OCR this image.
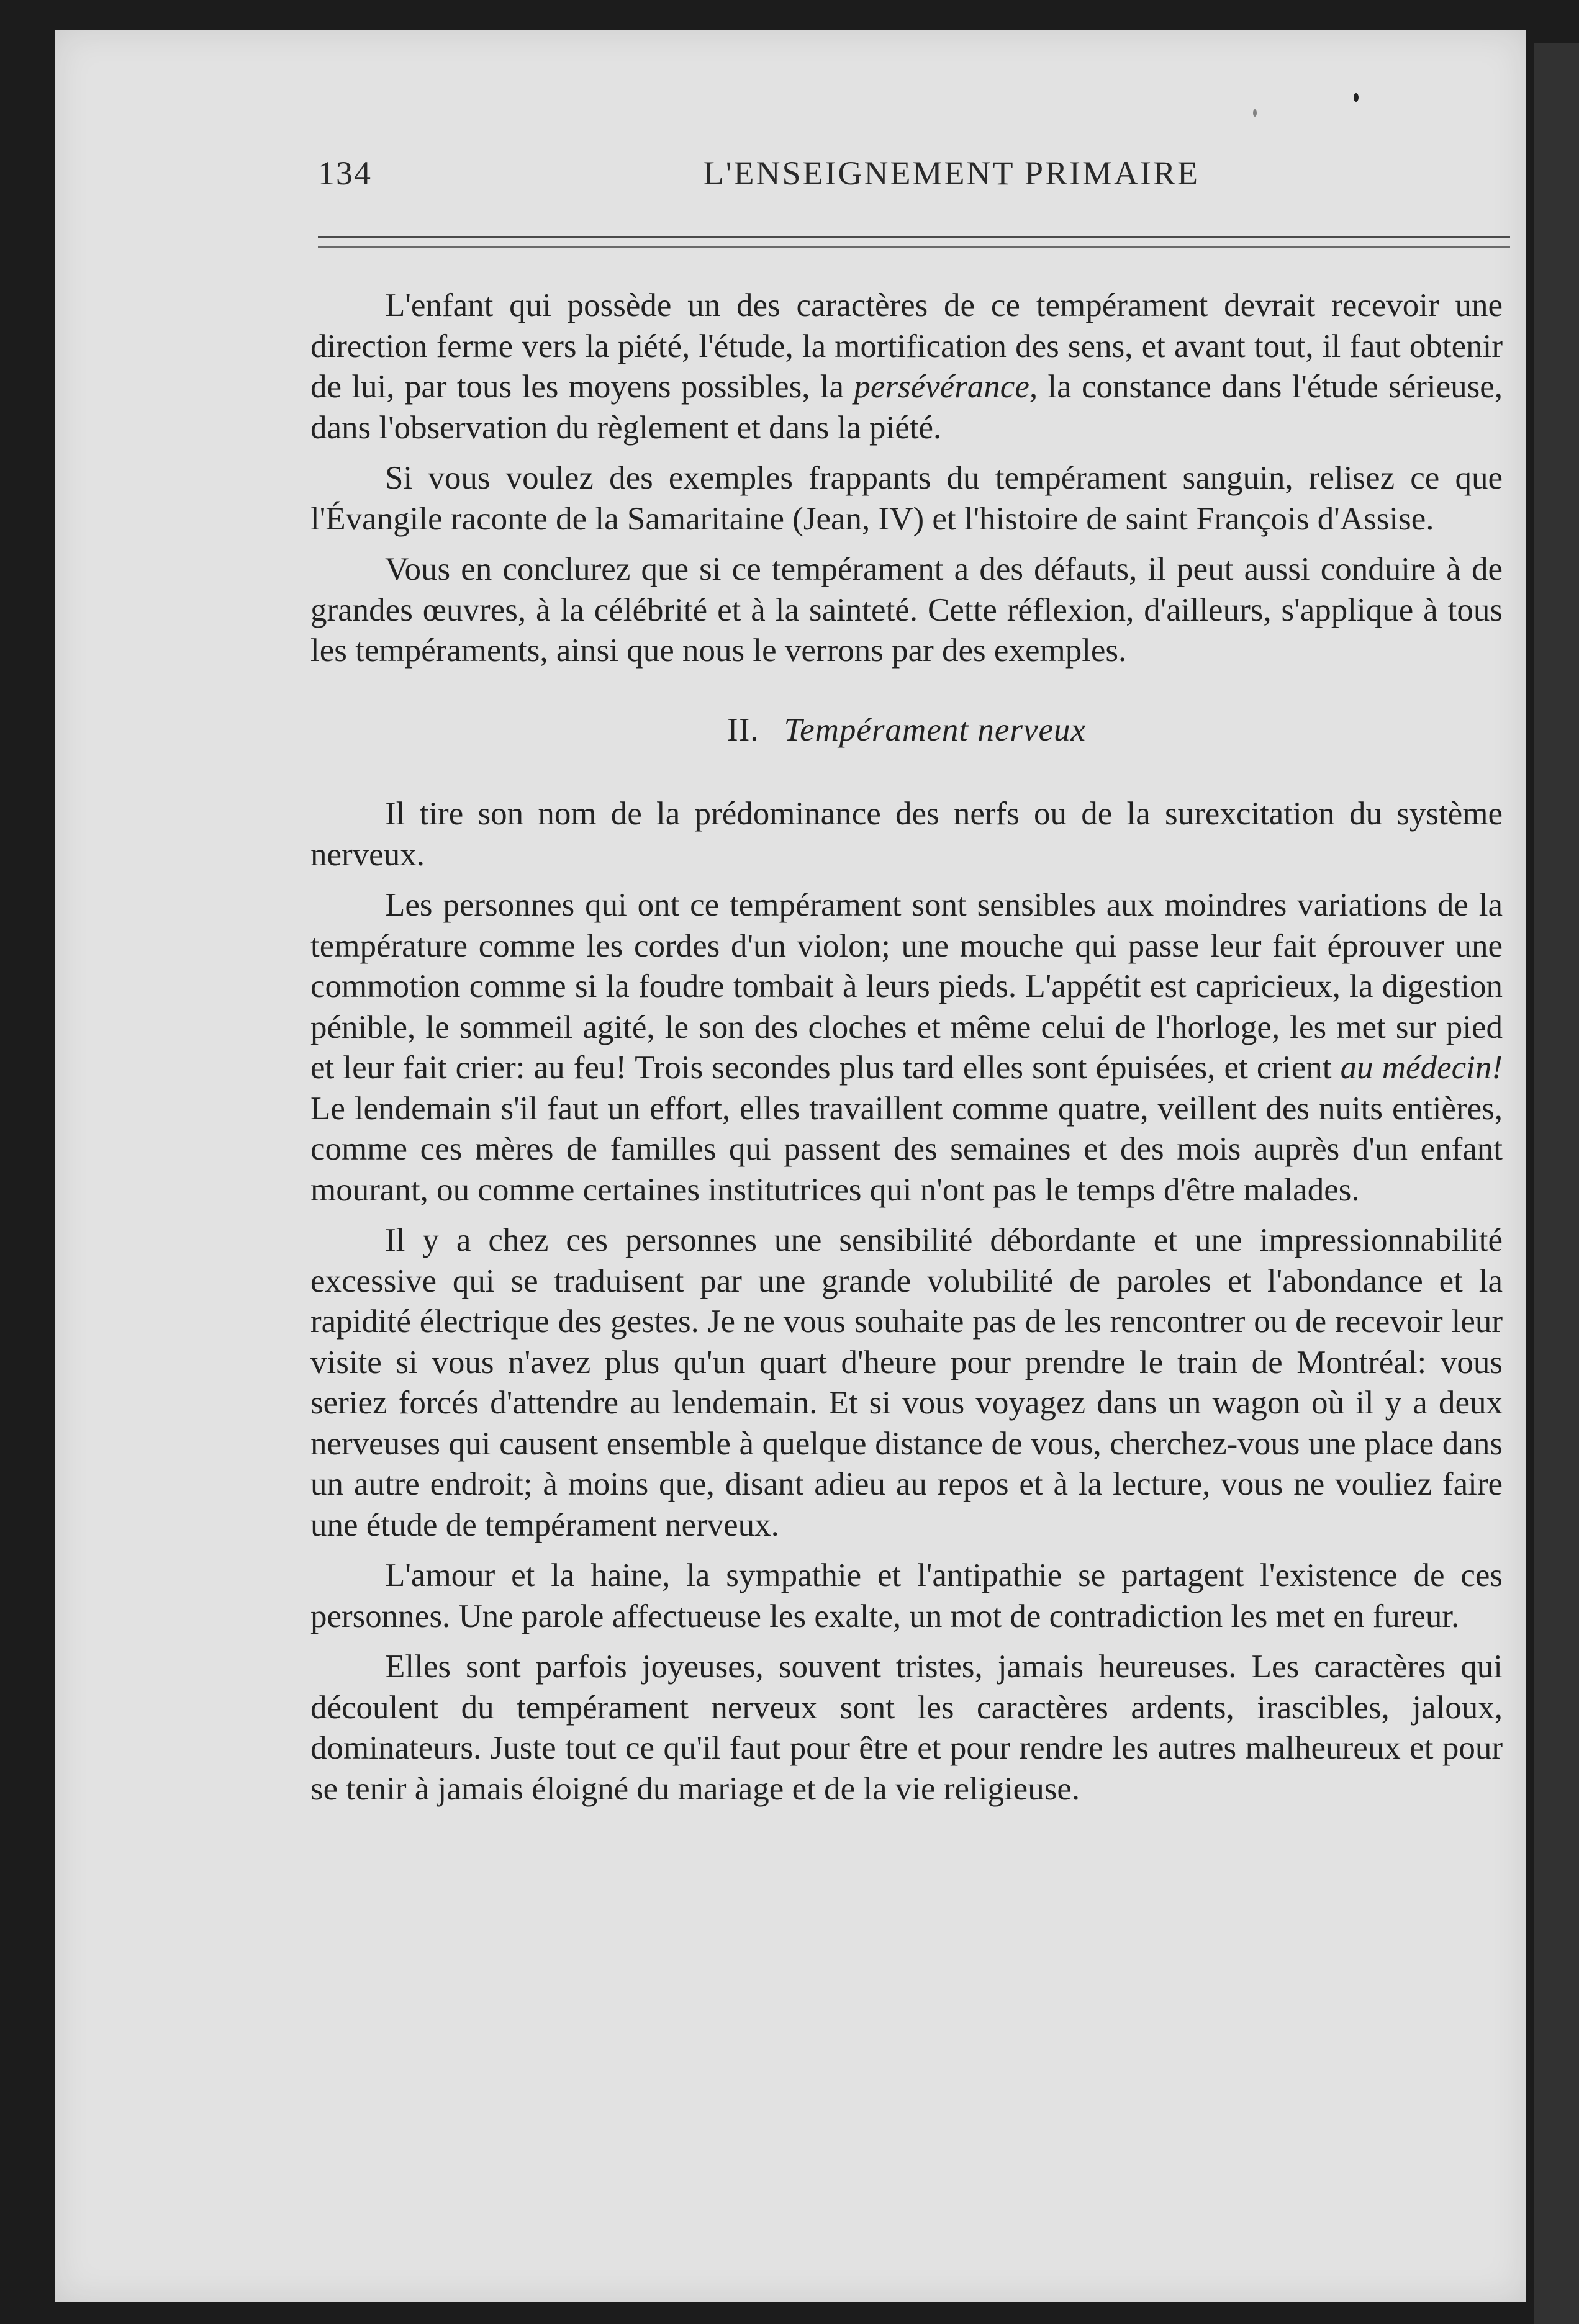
134	L'ENSEIGNEMENT PRIMAIRE

L'enfant qui possède un des caractères de ce tempérament devrait recevoir une direction ferme vers la piété, l'étude, la mortification des sens, et avant tout, il faut obtenir de lui, par tous les moyens possibles, la persévérance, la constance dans l'étude sérieuse, dans l'observation du règlement et dans la piété.

Si vous voulez des exemples frappants du tempérament sanguin, relisez ce que l'Évangile raconte de la Samaritaine (Jean, IV) et l'histoire de saint François d'Assise.

Vous en conclurez que si ce tempérament a des défauts, il peut aussi conduire à de grandes œuvres, à la célébrité et à la sainteté. Cette réflexion, d'ailleurs, s'applique à tous les tempéraments, ainsi que nous le verrons par des exemples.

II. Tempérament nerveux

Il tire son nom de la prédominance des nerfs ou de la surexcitation du système nerveux.

Les personnes qui ont ce tempérament sont sensibles aux moindres variations de la température comme les cordes d'un violon; une mouche qui passe leur fait éprouver une commotion comme si la foudre tombait à leurs pieds. L'appétit est capricieux, la digestion pénible, le sommeil agité, le son des cloches et même celui de l'horloge, les met sur pied et leur fait crier: au feu! Trois secondes plus tard elles sont épuisées, et crient au médecin! Le lendemain s'il faut un effort, elles travaillent comme quatre, veillent des nuits entières, comme ces mères de familles qui passent des semaines et des mois auprès d'un enfant mourant, ou comme certaines institutrices qui n'ont pas le temps d'être malades.

Il y a chez ces personnes une sensibilité débordante et une impressionnabilité excessive qui se traduisent par une grande volubilité de paroles et l'abondance et la rapidité électrique des gestes. Je ne vous souhaite pas de les rencontrer ou de recevoir leur visite si vous n'avez plus qu'un quart d'heure pour prendre le train de Montréal: vous seriez forcés d'attendre au lendemain. Et si vous voyagez dans un wagon où il y a deux nerveuses qui causent ensemble à quelque distance de vous, cherchez-vous une place dans un autre endroit; à moins que, disant adieu au repos et à la lecture, vous ne vouliez faire une étude de tempérament nerveux.

L'amour et la haine, la sympathie et l'antipathie se partagent l'existence de ces personnes. Une parole affectueuse les exalte, un mot de contradiction les met en fureur.

Elles sont parfois joyeuses, souvent tristes, jamais heureuses. Les caractères qui découlent du tempérament nerveux sont les caractères ardents, irascibles, jaloux, dominateurs. Juste tout ce qu'il faut pour être et pour rendre les autres malheureux et pour se tenir à jamais éloigné du mariage et de la vie religieuse.
